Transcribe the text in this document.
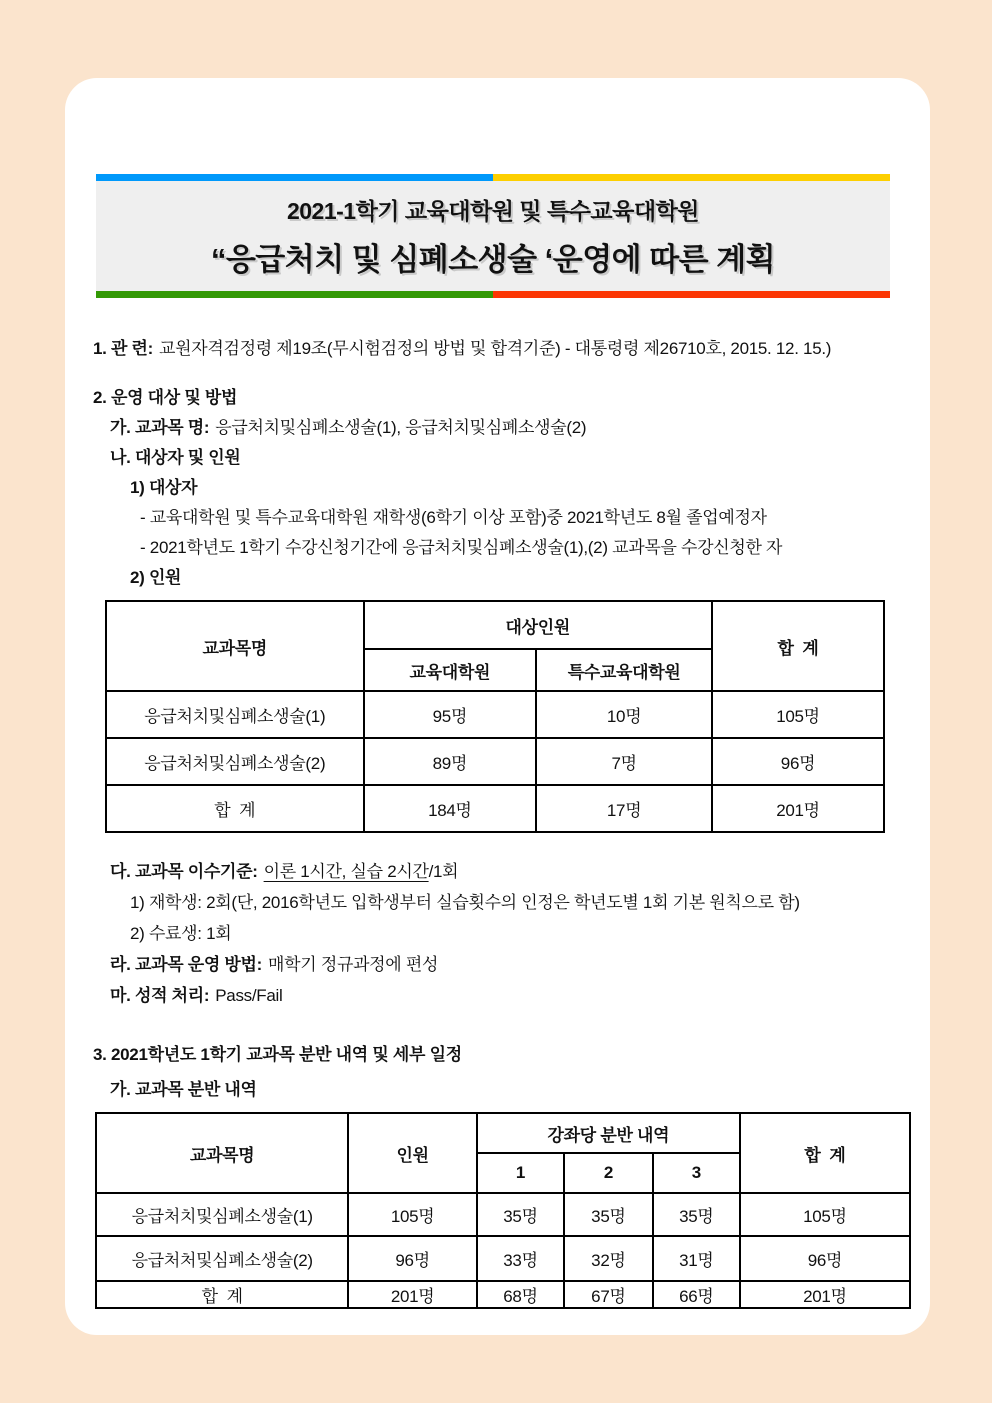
2021-1학기 교육대학원 및 특수교육대학원
“응급처치 및 심폐소생술 ‘운영에 따른 계획

1. 관 련: 교원자격검정령 제19조(무시험검정의 방법 및 합격기준) - 대통령령 제26710호, 2015. 12. 15.)

2. 운영 대상 및 방법

가. 교과목 명: 응급처치및심폐소생술(1), 응급처치및심폐소생술(2)

나. 대상자 및 인원

1) 대상자

- 교육대학원 및 특수교육대학원 재학생(6학기 이상 포함)중 2021학년도 8월 졸업예정자

- 2021학년도 1학기 수강신청기간에 응급처치및심폐소생술(1),(2) 교과목을 수강신청한 자

2) 인원

교과목명	대상인원		합  계
	교육대학원	특수교육대학원	
응급처치및심폐소생술(1)	95명	10명	105명
응급처처및심폐소생술(2)	89명	7명	96명
합  계	184명	17명	201명

다. 교과목 이수기준: 이론 1시간, 실습 2시간/1회

1) 재학생: 2회(단, 2016학년도 입학생부터 실습횟수의 인정은 학년도별 1회 기본 원칙으로 함)

2) 수료생: 1회

라. 교과목 운영 방법: 매학기 정규과정에 편성

마. 성적 처리: Pass/Fail

3. 2021학년도 1학기 교과목 분반 내역 및 세부 일정

가. 교과목 분반 내역

교과목명	인원	강좌당 분반 내역			합  계
		1	2	3	
응급처치및심폐소생술(1)	105명	35명	35명	35명	105명
응급처처및심폐소생술(2)	96명	33명	32명	31명	96명
합  계	201명	68명	67명	66명	201명
